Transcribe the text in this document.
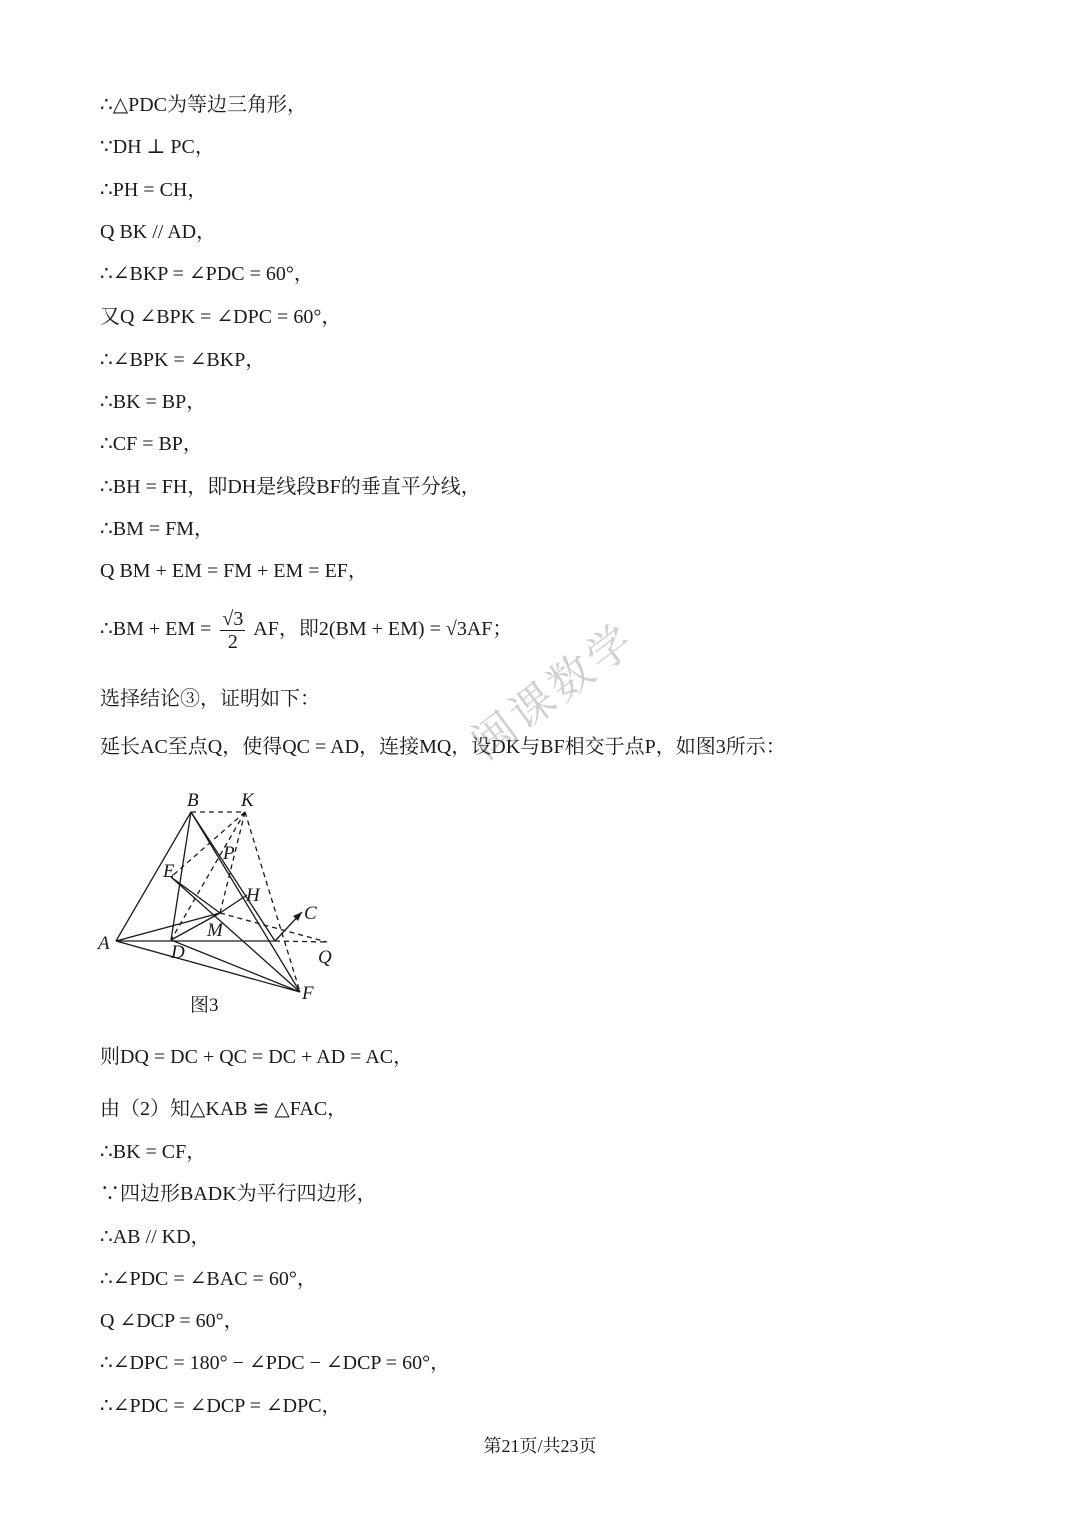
∴△PDC为等边三角形，
∵DH ⊥ PC，
∴PH = CH，
Q BK // AD，
∴∠BKP = ∠PDC = 60°，
又Q ∠BPK = ∠DPC = 60°，
∴∠BPK = ∠BKP，
∴BK = BP，
∴CF = BP，
∴BH = FH，即DH是线段BF的垂直平分线，
∴BM = FM，
Q BM + EM = FM + EM = EF，
∴BM + EM = $\frac{√3}{2}$ AF，即2(BM + EM) = √3AF；
选择结论③，证明如下：
延长AC至点Q，使得QC = AD，连接MQ，设DK与BF相交于点P，如图3所示：
B K
P
E
H
C
M
A	D	Q
F
图3
则DQ = DC + QC = DC + AD = AC，
由（2）知△KAB ≌ △FAC，
∴BK = CF，
∵四边形BADK为平行四边形，
∴AB // KD，
∴∠PDC = ∠BAC = 60°，
Q ∠DCP = 60°，
∴∠DPC = 180° − ∠PDC − ∠DCP = 60°，
∴∠PDC = ∠DCP = ∠DPC，
闽课数学
第21页/共23页
